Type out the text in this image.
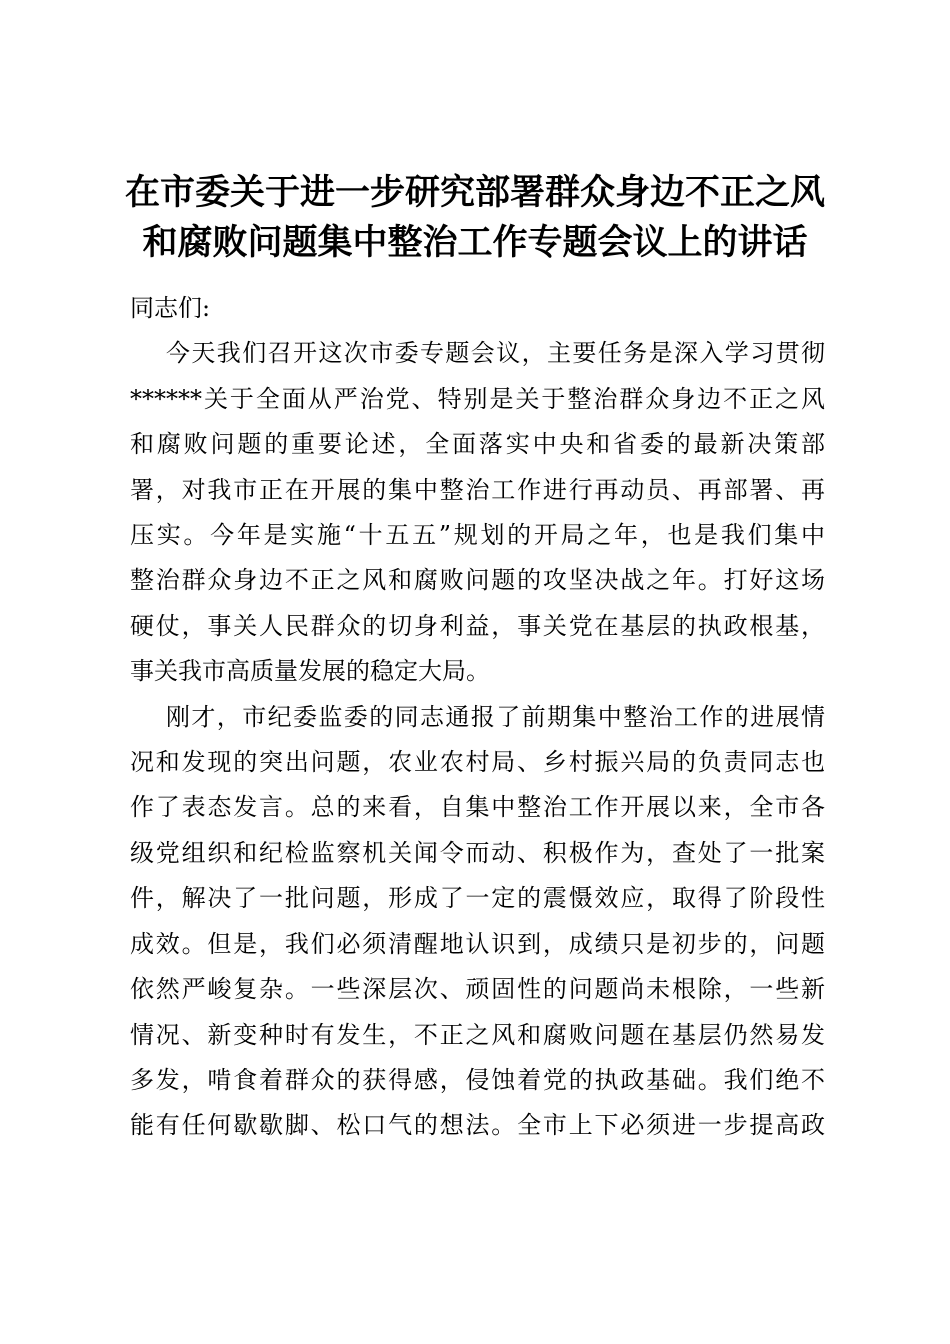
在市委关于进一步研究部署群众身边不正之风
和腐败问题集中整治工作专题会议上的讲话

同志们:

今天我们召开这次市委专题会议，主要任务是深入学习贯彻
******关于全面从严治党、特别是关于整治群众身边不正之风
和腐败问题的重要论述，全面落实中央和省委的最新决策部
署，对我市正在开展的集中整治工作进行再动员、再部署、再
压实。今年是实施“十五五”规划的开局之年，也是我们集中
整治群众身边不正之风和腐败问题的攻坚决战之年。打好这场
硬仗，事关人民群众的切身利益，事关党在基层的执政根基，
事关我市高质量发展的稳定大局。

刚才，市纪委监委的同志通报了前期集中整治工作的进展情
况和发现的突出问题，农业农村局、乡村振兴局的负责同志也
作了表态发言。总的来看，自集中整治工作开展以来，全市各
级党组织和纪检监察机关闻令而动、积极作为，查处了一批案
件，解决了一批问题，形成了一定的震慑效应，取得了阶段性
成效。但是，我们必须清醒地认识到，成绩只是初步的，问题
依然严峻复杂。一些深层次、顽固性的问题尚未根除，一些新
情况、新变种时有发生，不正之风和腐败问题在基层仍然易发
多发，啃食着群众的获得感，侵蚀着党的执政基础。我们绝不
能有任何歇歇脚、松口气的想法。全市上下必须进一步提高政
